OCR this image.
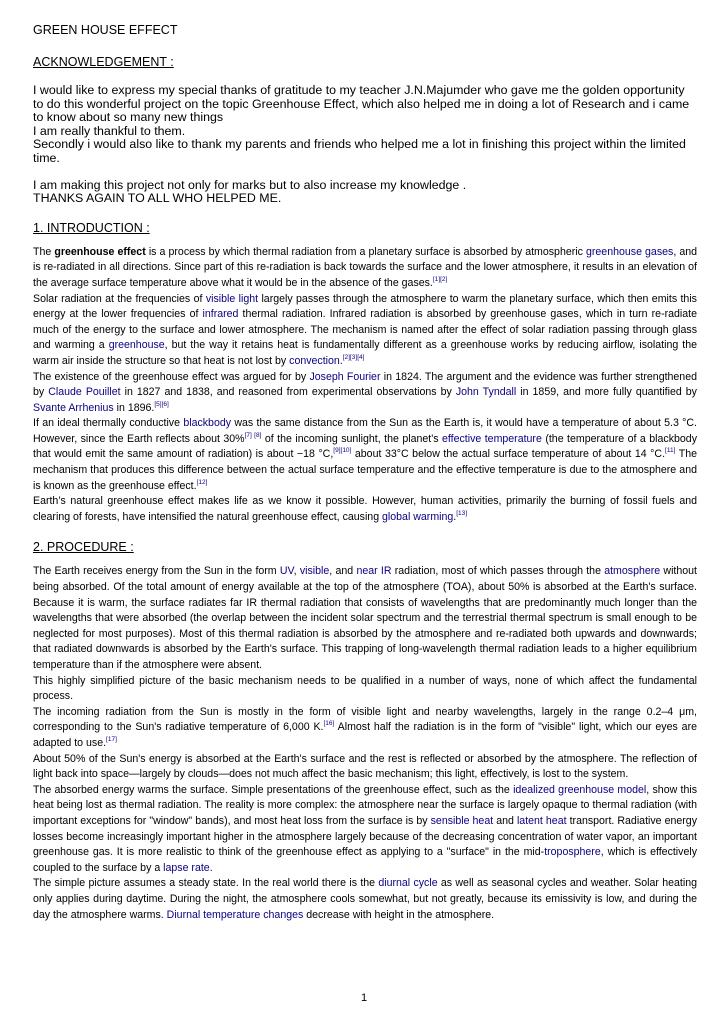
GREEN HOUSE EFFECT
ACKNOWLEDGEMENT :

I would like to express my special thanks of gratitude to my teacher J.N.Majumder who gave me the golden opportunity to do this wonderful project on the topic Greenhouse Effect, which also helped me in doing a lot of Research and i came to know about so many new things

I am really thankful to them.

Secondly i would also like to thank my parents and friends who helped me a lot in finishing this project within the limited time.

I am making this project not only for marks but to also increase my knowledge .

THANKS AGAIN TO ALL WHO HELPED ME.

1. INTRODUCTION :

The greenhouse effect is a process by which thermal radiation from a planetary surface is absorbed by atmospheric greenhouse gases, and is re-radiated in all directions. Since part of this re-radiation is back towards the surface and the lower atmosphere, it results in an elevation of the average surface temperature above what it would be in the absence of the gases.[1][2]

Solar radiation at the frequencies of visible light largely passes through the atmosphere to warm the planetary surface, which then emits this energy at the lower frequencies of infrared thermal radiation. Infrared radiation is absorbed by greenhouse gases, which in turn re-radiate much of the energy to the surface and lower atmosphere. The mechanism is named after the effect of solar radiation passing through glass and warming a greenhouse, but the way it retains heat is fundamentally different as a greenhouse works by reducing airflow, isolating the warm air inside the structure so that heat is not lost by convection.[2][3][4]

The existence of the greenhouse effect was argued for by Joseph Fourier in 1824. The argument and the evidence was further strengthened by Claude Pouillet in 1827 and 1838, and reasoned from experimental observations by John Tyndall in 1859, and more fully quantified by Svante Arrhenius in 1896.[5][6]

If an ideal thermally conductive blackbody was the same distance from the Sun as the Earth is, it would have a temperature of about 5.3 °C. However, since the Earth reflects about 30%[7] [8] of the incoming sunlight, the planet's effective temperature (the temperature of a blackbody that would emit the same amount of radiation) is about −18 °C,[9][10] about 33°C below the actual surface temperature of about 14 °C.[11] The mechanism that produces this difference between the actual surface temperature and the effective temperature is due to the atmosphere and is known as the greenhouse effect.[12]

Earth’s natural greenhouse effect makes life as we know it possible. However, human activities, primarily the burning of fossil fuels and clearing of forests, have intensified the natural greenhouse effect, causing global warming.[13]

2. PROCEDURE :

The Earth receives energy from the Sun in the form UV, visible, and near IR radiation, most of which passes through the atmosphere without being absorbed. Of the total amount of energy available at the top of the atmosphere (TOA), about 50% is absorbed at the Earth's surface. Because it is warm, the surface radiates far IR thermal radiation that consists of wavelengths that are predominantly much longer than the wavelengths that were absorbed (the overlap between the incident solar spectrum and the terrestrial thermal spectrum is small enough to be neglected for most purposes). Most of this thermal radiation is absorbed by the atmosphere and re-radiated both upwards and downwards; that radiated downwards is absorbed by the Earth's surface. This trapping of long-wavelength thermal radiation leads to a higher equilibrium temperature than if the atmosphere were absent.

This highly simplified picture of the basic mechanism needs to be qualified in a number of ways, none of which affect the fundamental process.

The incoming radiation from the Sun is mostly in the form of visible light and nearby wavelengths, largely in the range 0.2–4 μm, corresponding to the Sun's radiative temperature of 6,000 K.[16] Almost half the radiation is in the form of "visible" light, which our eyes are adapted to use.[17]

About 50% of the Sun's energy is absorbed at the Earth's surface and the rest is reflected or absorbed by the atmosphere. The reflection of light back into space—largely by clouds—does not much affect the basic mechanism; this light, effectively, is lost to the system.

The absorbed energy warms the surface. Simple presentations of the greenhouse effect, such as the idealized greenhouse model, show this heat being lost as thermal radiation. The reality is more complex: the atmosphere near the surface is largely opaque to thermal radiation (with important exceptions for "window" bands), and most heat loss from the surface is by sensible heat and latent heat transport. Radiative energy losses become increasingly important higher in the atmosphere largely because of the decreasing concentration of water vapor, an important greenhouse gas. It is more realistic to think of the greenhouse effect as applying to a "surface" in the mid-troposphere, which is effectively coupled to the surface by a lapse rate.

The simple picture assumes a steady state. In the real world there is the diurnal cycle as well as seasonal cycles and weather. Solar heating only applies during daytime. During the night, the atmosphere cools somewhat, but not greatly, because its emissivity is low, and during the day the atmosphere warms. Diurnal temperature changes decrease with height in the atmosphere.

1
